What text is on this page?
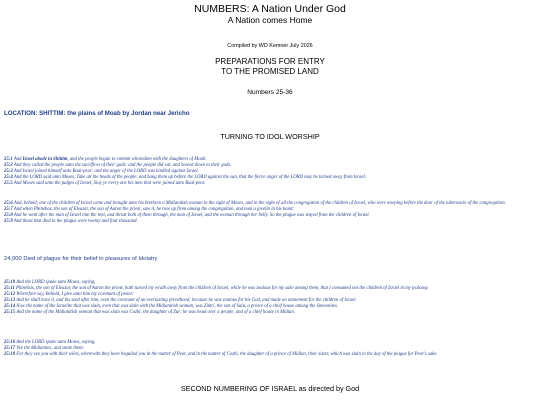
NUMBERS: A Nation Under God
A Nation comes Home
Compiled by WD Kemner July 2026
PREPARATIONS FOR ENTRY
TO THE PROMISED LAND
Numbers 25-36
LOCATION: SHITTIM: the plains of Moab by Jordan near Jericho
TURNING TO IDOL WORSHIP

25:1 And Israel abode in Shittim, and the people began to commit whoredom with the daughters of Moab.

25:2 And they called the people unto the sacrifices of their gods: and the people did eat, and bowed down to their gods.

25:3 And Israel joined himself unto Baal-peor: and the anger of the LORD was kindled against Israel.

25:4 And the LORD said unto Moses, Take all the heads of the people, and hang them up before the LORD against the sun, that the fierce anger of the LORD may be turned away from Israel.

25:5 And Moses said unto the judges of Israel, Slay ye every one his men that were joined unto Baal-peor.

25:6 And, behold, one of the children of Israel came and brought unto his brethren a Midianitish woman in the sight of Moses, and in the sight of all the congregation of the children of Israel, who were weeping before the door of the tabernacle of the congregation.

25:7 And when Phinehas, the son of Eleazar, the son of Aaron the priest, saw it, he rose up from among the congregation, and took a javelin in his hand;

25:8 And he went after the man of Israel into the tent, and thrust both of them through, the man of Israel, and the woman through her belly. So the plague was stayed from the children of Israel.

25:9 And those that died in the plague were twenty and four thousand.

24,000 Died of plague for their belief in pleasures of Idolatry

25:10 And the LORD spake unto Moses, saying,

25:11 Phinehas, the son of Eleazar, the son of Aaron the priest, hath turned my wrath away from the children of Israel, while he was zealous for my sake among them, that I consumed not the children of Israel in my jealousy.

25:12 Wherefore say, Behold, I give unto him my covenant of peace:

25:13 And he shall have it, and his seed after him, even the covenant of an everlasting priesthood; because he was zealous for his God, and made an atonement for the children of Israel.

25:14 Now the name of the Israelite that was slain, even that was slain with the Midianitish woman, was Zimri, the son of Salu, a prince of a chief house among the Simeonites.

25:15 And the name of the Midianitish woman that was slain was Cozbi, the daughter of Zur; he was head over a people, and of a chief house in Midian.

25:16 And the LORD spake unto Moses, saying,

25:17 Vex the Midianites, and smite them:

25:18 For they vex you with their wiles, wherewith they have beguiled you in the matter of Peor, and in the matter of Cozbi, the daughter of a prince of Midian, their sister, which was slain in the day of the plague for Peor's sake.

SECOND NUMBERING OF ISRAEL as directed by God
